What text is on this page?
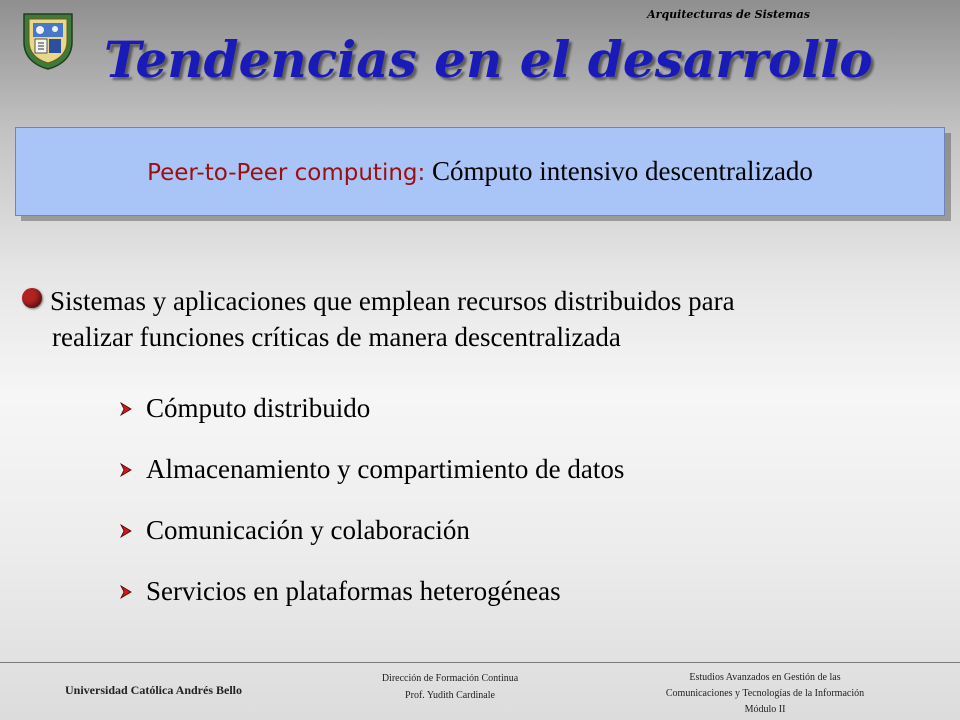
Arquitecturas de Sistemas
Tendencias en el desarrollo
Peer-to-Peer computing: Cómputo intensivo descentralizado
Sistemas y aplicaciones que emplean recursos distribuidos para
realizar funciones críticas de manera descentralizada
Cómputo distribuido
Almacenamiento y compartimiento de datos
Comunicación y colaboración
Servicios en plataformas heterogéneas
Universidad Católica Andrés Bello
Dirección de Formación Continua
Prof. Yudith Cardinale
Estudios Avanzados en Gestión de las
Comunicaciones y Tecnologías de la Información
Módulo II
